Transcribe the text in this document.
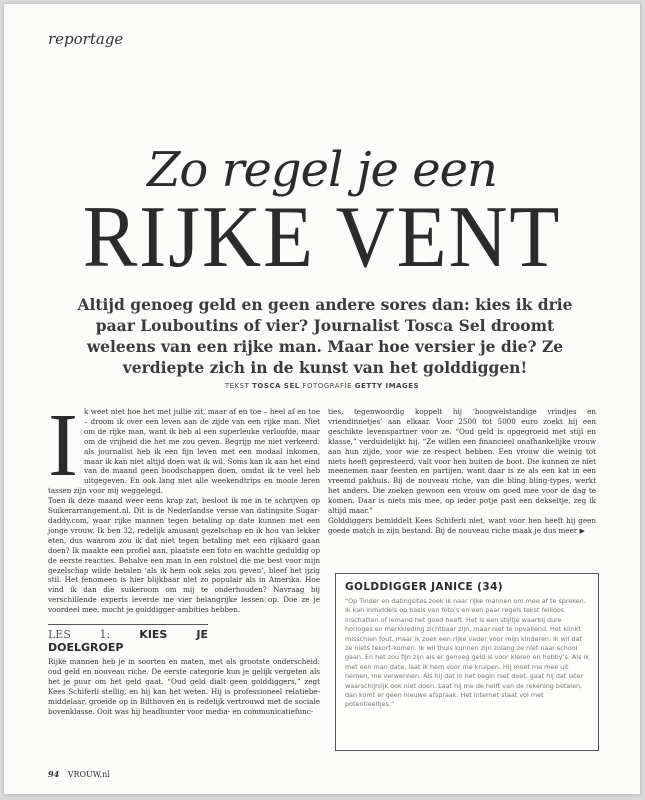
reportage
Zo regel je een
RIJKE VENT
Altijd genoeg geld en geen andere sores dan: kies ik drie paar Louboutins of vier? Journalist Tosca Sel droomt weleens van een rijke man. Maar hoe versier je die? Ze verdiepte zich in de kunst van het golddiggen!
TEKST TOSCA SEL FOTOGRAFIE GETTY IMAGES
I k weet niet hoe het met jullie zit, maar af en toe – heel af en toe – droom ik over een leven aan de zijde van een rijke man. Niet om de rijke man, want ik heb al een superleuke verloofde, maar om de vrijheid die het me zou geven. Begrijp me niet verkeerd: als journalist heb ik een fijn leven met een modaal inkomen, maar ik kan niet altijd doen wat ik wil. Soms kan ik aan het eind van de maand geen boodschappen doen, omdat ik te veel heb uitgegeven. En ook lang niet alle weekendtrips en mooie leren tassen zijn voor mij weggelegd.

Toen ik deze maand weer eens krap zat, besloot ik me in te schrijven op Suikerarrangement.nl. Dit is de Nederlandse versie van datingsite Sugar-daddy.com, waar rijke mannen tegen betaling op date kunnen met een jonge vrouw. Ik ben 32, redelijk amusant gezelschap en ik hou van lekker eten, dus waarom zou ik dat niet tegen betaling met een rijkaard gaan doen? Ik maakte een profiel aan, plaatste een foto en wachtte geduldig op de eerste reacties. Behalve een man in een rolstoel die me best voor mijn gezelschap wilde betalen ‘als ik hem ook seks zou geven’, bleef het ijzig stil. Het fenomeen is hier blijkbaar niet zo populair als in Amerika. Hoe vind ik dan die suikeroom om mij te onderhouden? Navraag bij verschillende experts leverde me vier belangrijke lessen op. Doe ze je voordeel mee, mocht je golddigger-ambities hebben.

LES 1:	KIES JE DOELGROEP

Rijke mannen heb je in soorten en maten, met als grootste onderscheid: oud geld en nouveau riche. De eerste categorie kun je gelijk vergeten als het je puur om het geld gaat. “Oud geld dialt geen golddiggers,” zegt Kees Schiferli stellig, en hij kan het weten. Hij is professioneel relatiebe-middelaar, groeide op in Bilthoven en is redelijk vertrouwd met de sociale bovenklasse. Ooit was hij headhunter voor media- en communicatiefunc-

ties, tegenwoordig koppelt hij ‘hoogwelstandige vrindjes en vriendinnetjes’ aan elkaar. Voor 2500 tot 5000 euro zoekt hij een geschikte levenspartner voor ze. “Oud geld is opgegroeid met stijl en klasse,” verduidelijkt hij. “Ze willen een financieel onafhankelijke vrouw aan hun zijde, voor wie ze respect hebben. Een vrouw die weinig tot niets heeft gepresteerd, valt voor hen buiten de boot. Die kunnen ze niet meenemen naar feesten en partijen, want daar is ze als een kat in een vreemd pakhuis. Bij de nouveau riche, van die bling bling-types, werkt het anders. Die zoeken gewoon een vrouw om goed mee voor de dag te komen. Daar is niets mis mee, op ieder potje past een dekseltje, zeg ik altijd maar.”

Golddiggers bemiddelt Kees Schiferli niet, want voor hen heeft hij geen goede match in zijn bestand. Bij de nouveau riche maak je dus meer ▶

GOLDDIGGER JANICE (34)
“Op Tinder en datingsites zoek ik naar rijke mannen om mee af te spreken. Ik kan inmiddels op basis van foto’s en een paar regels tekst feilloos inschatten of iemand het goed heeft. Het is een stijltje waarbij dure horloges en merkkleding zichtbaar zijn, maar niet te opvallend. Het klinkt misschien fout, maar ik zoek een rijke vader voor mijn kinderen. Ik wil dat ze niets tekort-komen. Ik wil thuis kunnen zijn zolang ze niet naar school gaan. En het zou fijn zijn als er genoeg geld is voor kleren en hobby’s. Als ik met een man date, laat ik hem voor me kruipen. Hij moet me mee uit nemen, me verwennen. Als hij dat in het begin niet doet, gaat hij dat later waarschijnlijk ook niet doen. Laat hij me de helft van de rekening betalen, dan komt er geen nieuwe afspraak. Het internet staat vol met potentieeltjes.”
94 VROUW.nl
